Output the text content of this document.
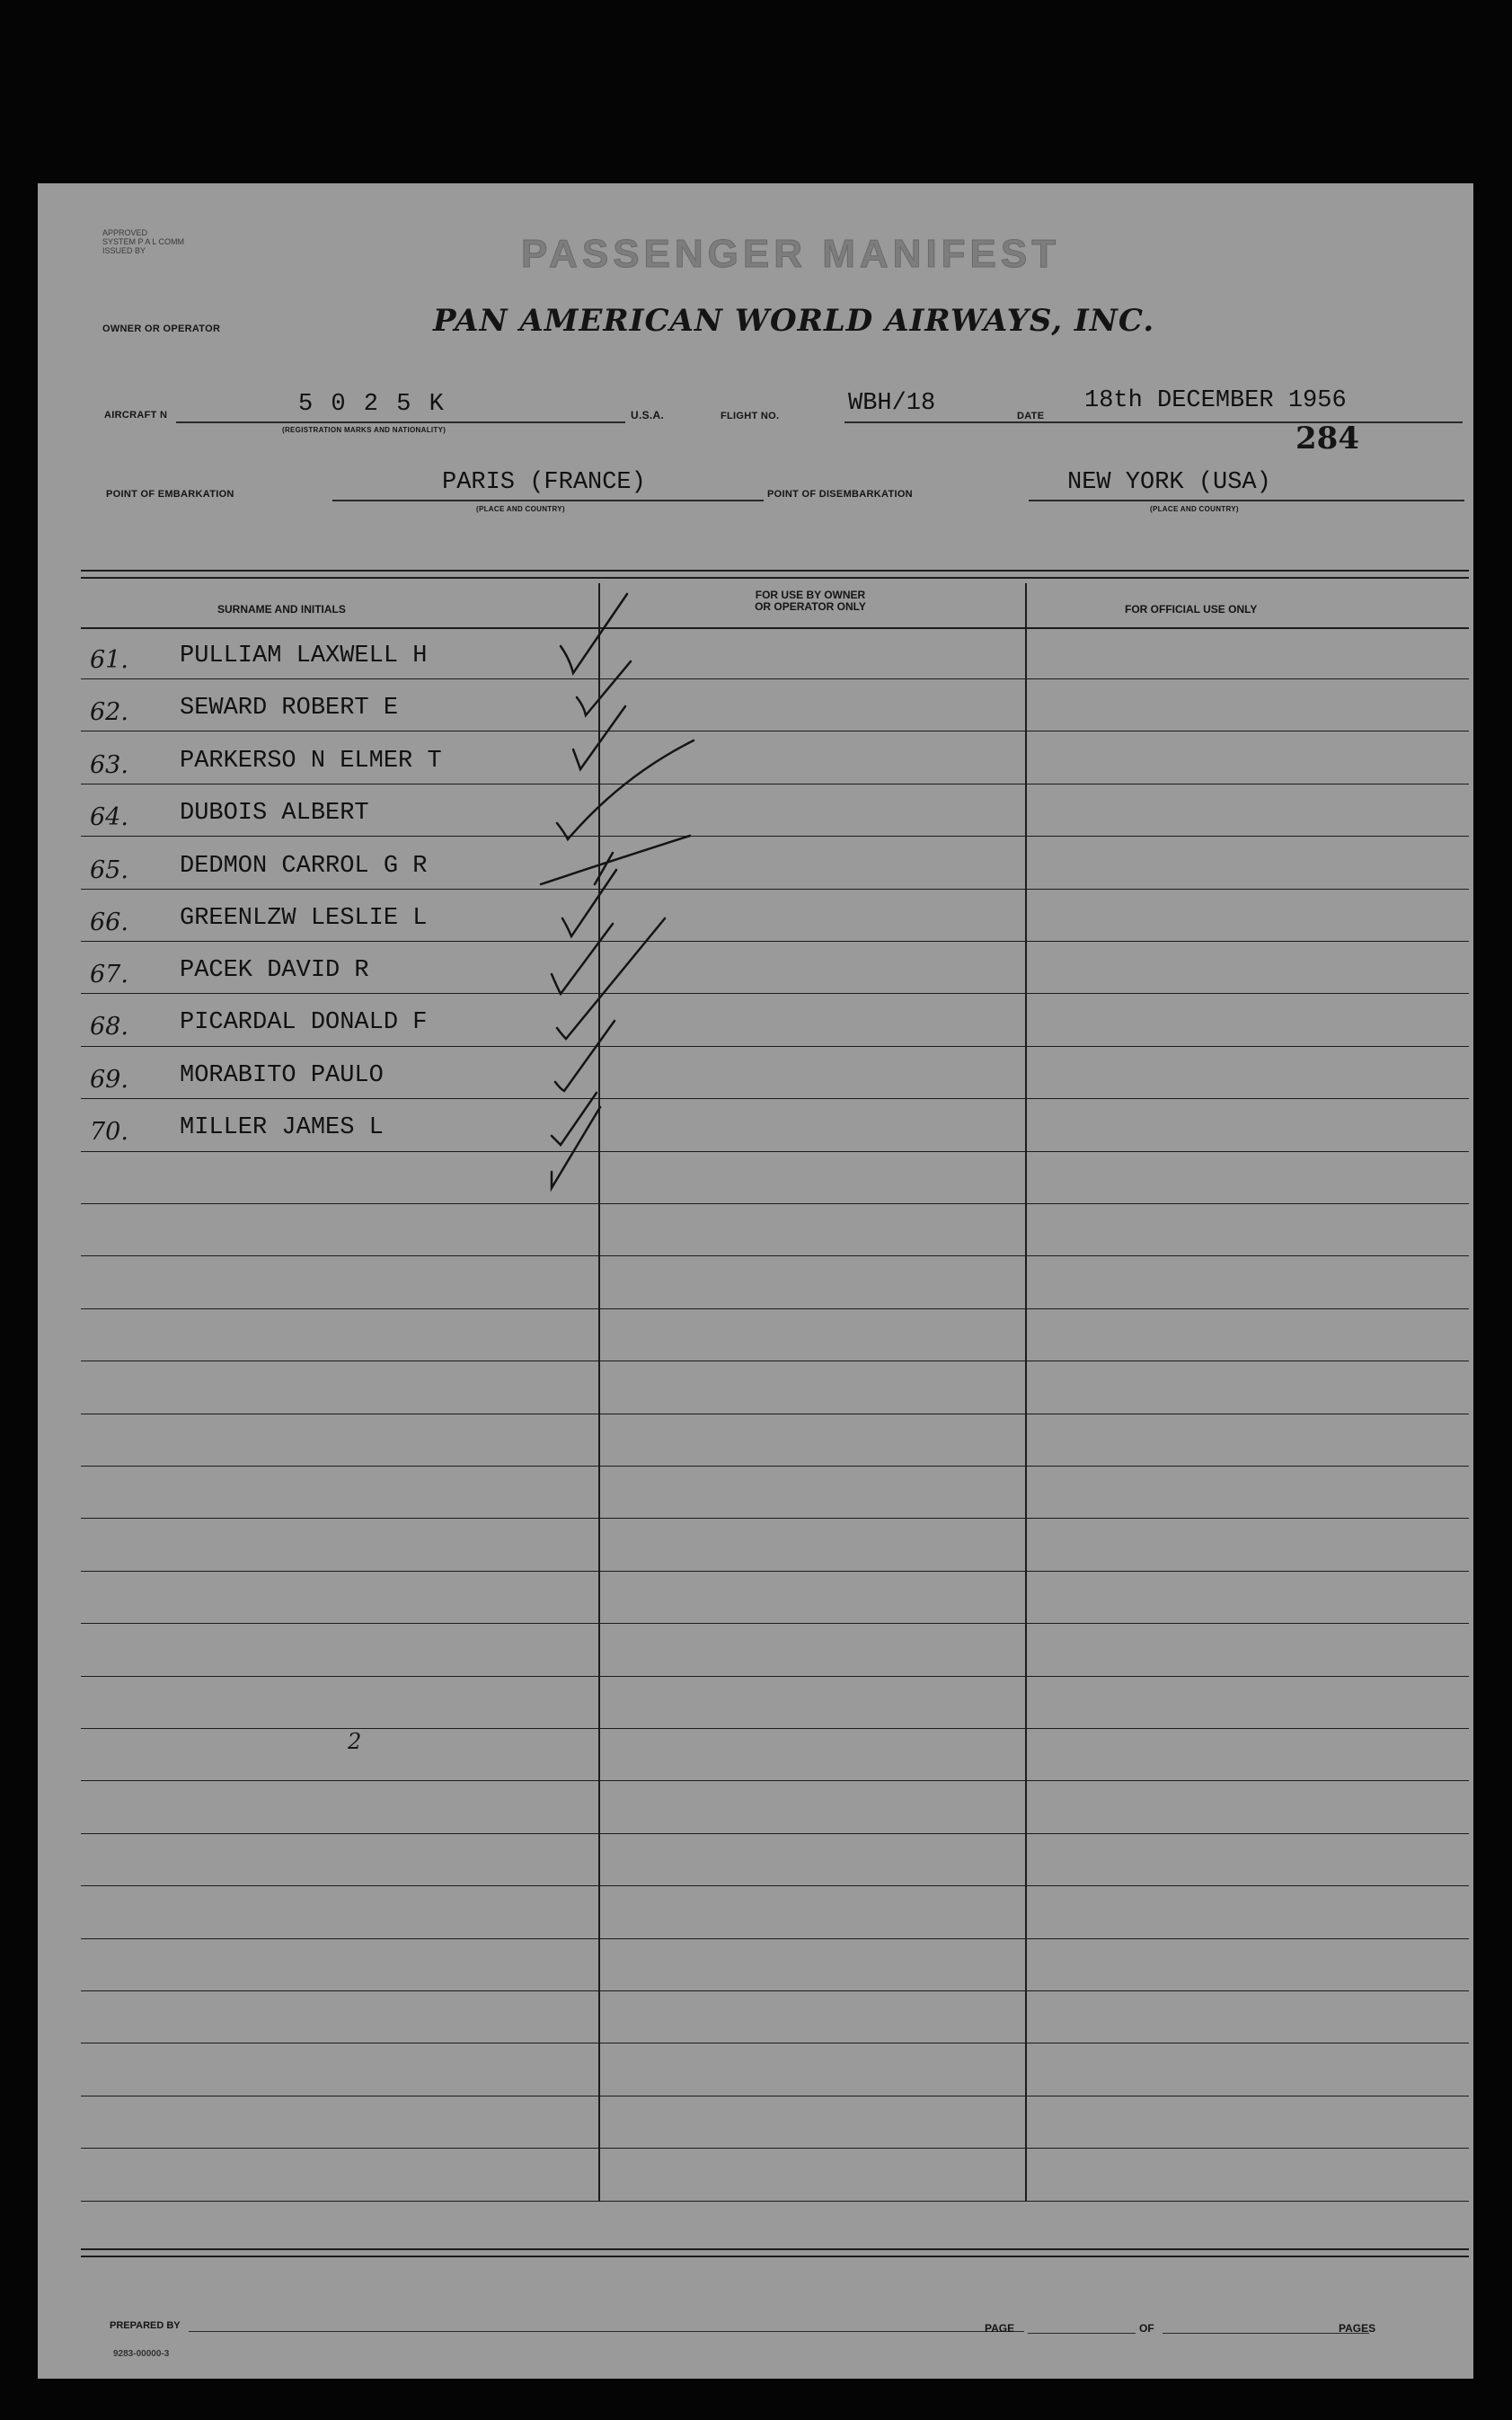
APPROVED
SYSTEM P A L COMM
ISSUED BY	PASSENGER MANIFEST
OWNER OR OPERATOR	PAN AMERICAN WORLD AIRWAYS, INC.
AIRCRAFT N	5 0 2 5 K
(REGISTRATION MARKS AND NATIONALITY)
U.S.A.	FLIGHT NO.	WBH/18	DATE
18th DECEMBER 1956
284
POINT OF EMBARKATION	PARIS (FRANCE)
(PLACE AND COUNTRY)
POINT OF DISEMBARKATION	NEW YORK (USA)
(PLACE AND COUNTRY)
SURNAME AND INITIALS
FOR USE BY OWNER
OR OPERATOR ONLY	FOR OFFICIAL USE ONLY
61. PULLIAM LAXWELL H
62. SEWARD ROBERT E
63. PARKERSO N ELMER T
64. DUBOIS ALBERT
65. DEDMON CARROL G R
66. GREENLZW LESLIE L
67. PACEK DAVID R
68. PICARDAL DONALD F
69. MORABITO PAULO
70. MILLER JAMES L
2
PREPARED BY
9283-00000-3
PAGE	OF	PAGES
